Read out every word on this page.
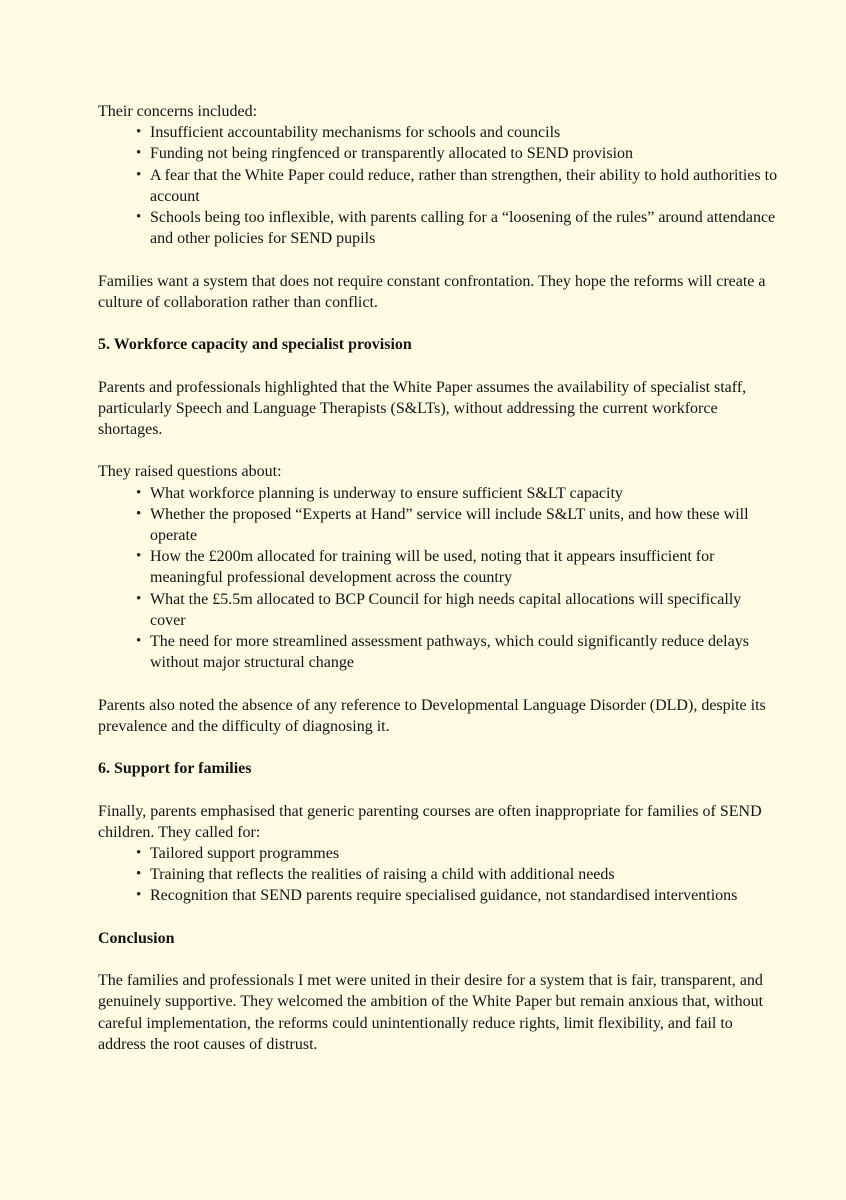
Their concerns included:

• Insufficient accountability mechanisms for schools and councils
• Funding not being ringfenced or transparently allocated to SEND provision
• A fear that the White Paper could reduce, rather than strengthen, their ability to hold authorities to account
• Schools being too inflexible, with parents calling for a “loosening of the rules” around attendance and other policies for SEND pupils

Families want a system that does not require constant confrontation. They hope the reforms will create a culture of collaboration rather than conflict.

5. Workforce capacity and specialist provision

Parents and professionals highlighted that the White Paper assumes the availability of specialist staff, particularly Speech and Language Therapists (S&LTs), without addressing the current workforce shortages.

They raised questions about:

• What workforce planning is underway to ensure sufficient S&LT capacity
• Whether the proposed “Experts at Hand” service will include S&LT units, and how these will operate
• How the £200m allocated for training will be used, noting that it appears insufficient for meaningful professional development across the country
• What the £5.5m allocated to BCP Council for high needs capital allocations will specifically cover
• The need for more streamlined assessment pathways, which could significantly reduce delays without major structural change

Parents also noted the absence of any reference to Developmental Language Disorder (DLD), despite its prevalence and the difficulty of diagnosing it.

6. Support for families

Finally, parents emphasised that generic parenting courses are often inappropriate for families of SEND children. They called for:

• Tailored support programmes
• Training that reflects the realities of raising a child with additional needs
• Recognition that SEND parents require specialised guidance, not standardised interventions
Conclusion

The families and professionals I met were united in their desire for a system that is fair, transparent, and genuinely supportive. They welcomed the ambition of the White Paper but remain anxious that, without careful implementation, the reforms could unintentionally reduce rights, limit flexibility, and fail to address the root causes of distrust.
